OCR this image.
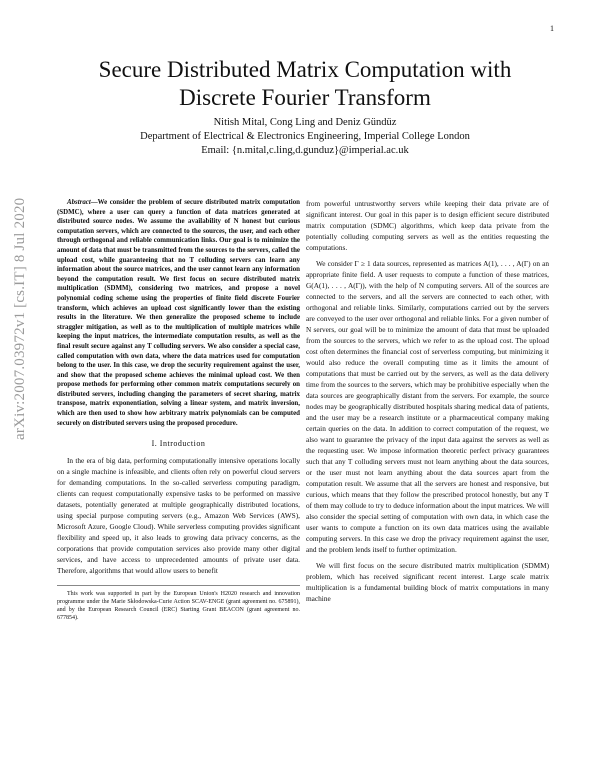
1
arXiv:2007.03972v1 [cs.IT] 8 Jul 2020
Secure Distributed Matrix Computation with
Discrete Fourier Transform
Nitish Mital, Cong Ling and Deniz Gündüz
Department of Electrical & Electronics Engineering, Imperial College London
Email: {n.mital,c.ling,d.gunduz}@imperial.ac.uk

Abstract—We consider the problem of secure distributed matrix computation (SDMC), where a user can query a function of data matrices generated at distributed source nodes. We assume the availability of N honest but curious computation servers, which are connected to the sources, the user, and each other through orthogonal and reliable communication links. Our goal is to minimize the amount of data that must be transmitted from the sources to the servers, called the upload cost, while guaranteeing that no T colluding servers can learn any information about the source matrices, and the user cannot learn any information beyond the computation result. We first focus on secure distributed matrix multiplication (SDMM), considering two matrices, and propose a novel polynomial coding scheme using the properties of finite field discrete Fourier transform, which achieves an upload cost significantly lower than the existing results in the literature. We then generalize the proposed scheme to include straggler mitigation, as well as to the multiplication of multiple matrices while keeping the input matrices, the intermediate computation results, as well as the final result secure against any T colluding servers. We also consider a special case, called computation with own data, where the data matrices used for computation belong to the user. In this case, we drop the security requirement against the user, and show that the proposed scheme achieves the minimal upload cost. We then propose methods for performing other common matrix computations securely on distributed servers, including changing the parameters of secret sharing, matrix transpose, matrix exponentiation, solving a linear system, and matrix inversion, which are then used to show how arbitrary matrix polynomials can be computed securely on distributed servers using the proposed procedure.

I. Introduction

In the era of big data, performing computationally intensive operations locally on a single machine is infeasible, and clients often rely on powerful cloud servers for demanding computations. In the so-called serverless computing paradigm, clients can request computationally expensive tasks to be performed on massive datasets, potentially generated at multiple geographically distributed locations, using special purpose computing servers (e.g., Amazon Web Services (AWS), Microsoft Azure, Google Cloud). While serverless computing provides significant flexibility and speed up, it also leads to growing data privacy concerns, as the corporations that provide computation services also provide many other digital services, and have access to unprecedented amounts of private user data. Therefore, algorithms that would allow users to benefit

This work was supported in part by the European Union's H2020 research and innovation programme under the Marie Skłodowska-Curie Action SCAV-ENGE (grant agreement no. 675891), and by the European Research Council (ERC) Starting Grant BEACON (grant agreement no. 677854).

from powerful untrustworthy servers while keeping their data private are of significant interest. Our goal in this paper is to design efficient secure distributed matrix computation (SDMC) algorithms, which keep data private from the potentially colluding computing servers as well as the entities requesting the computations.

We consider Γ ≥ 1 data sources, represented as matrices A(1), . . . , A(Γ) on an appropriate finite field. A user requests to compute a function of these matrices, G(A(1), . . . , A(Γ)), with the help of N computing servers. All of the sources are connected to the servers, and all the servers are connected to each other, with orthogonal and reliable links. Similarly, computations carried out by the servers are conveyed to the user over orthogonal and reliable links. For a given number of N servers, our goal will be to minimize the amount of data that must be uploaded from the sources to the servers, which we refer to as the upload cost. The upload cost often determines the financial cost of serverless computing, but minimizing it would also reduce the overall computing time as it limits the amount of computations that must be carried out by the servers, as well as the data delivery time from the sources to the servers, which may be prohibitive especially when the data sources are geographically distant from the servers. For example, the source nodes may be geographically distributed hospitals sharing medical data of patients, and the user may be a research institute or a pharmaceutical company making certain queries on the data. In addition to correct computation of the request, we also want to guarantee the privacy of the input data against the servers as well as the requesting user. We impose information theoretic perfect privacy guarantees such that any T colluding servers must not learn anything about the data sources, or the user must not learn anything about the data sources apart from the computation result. We assume that all the servers are honest and responsive, but curious, which means that they follow the prescribed protocol honestly, but any T of them may collude to try to deduce information about the input matrices. We will also consider the special setting of computation with own data, in which case the user wants to compute a function on its own data matrices using the available computing servers. In this case we drop the privacy requirement against the user, and the problem lends itself to further optimization.

We will first focus on the secure distributed matrix multiplication (SDMM) problem, which has received significant recent interest. Large scale matrix multiplication is a fundamental building block of matrix computations in many machine
